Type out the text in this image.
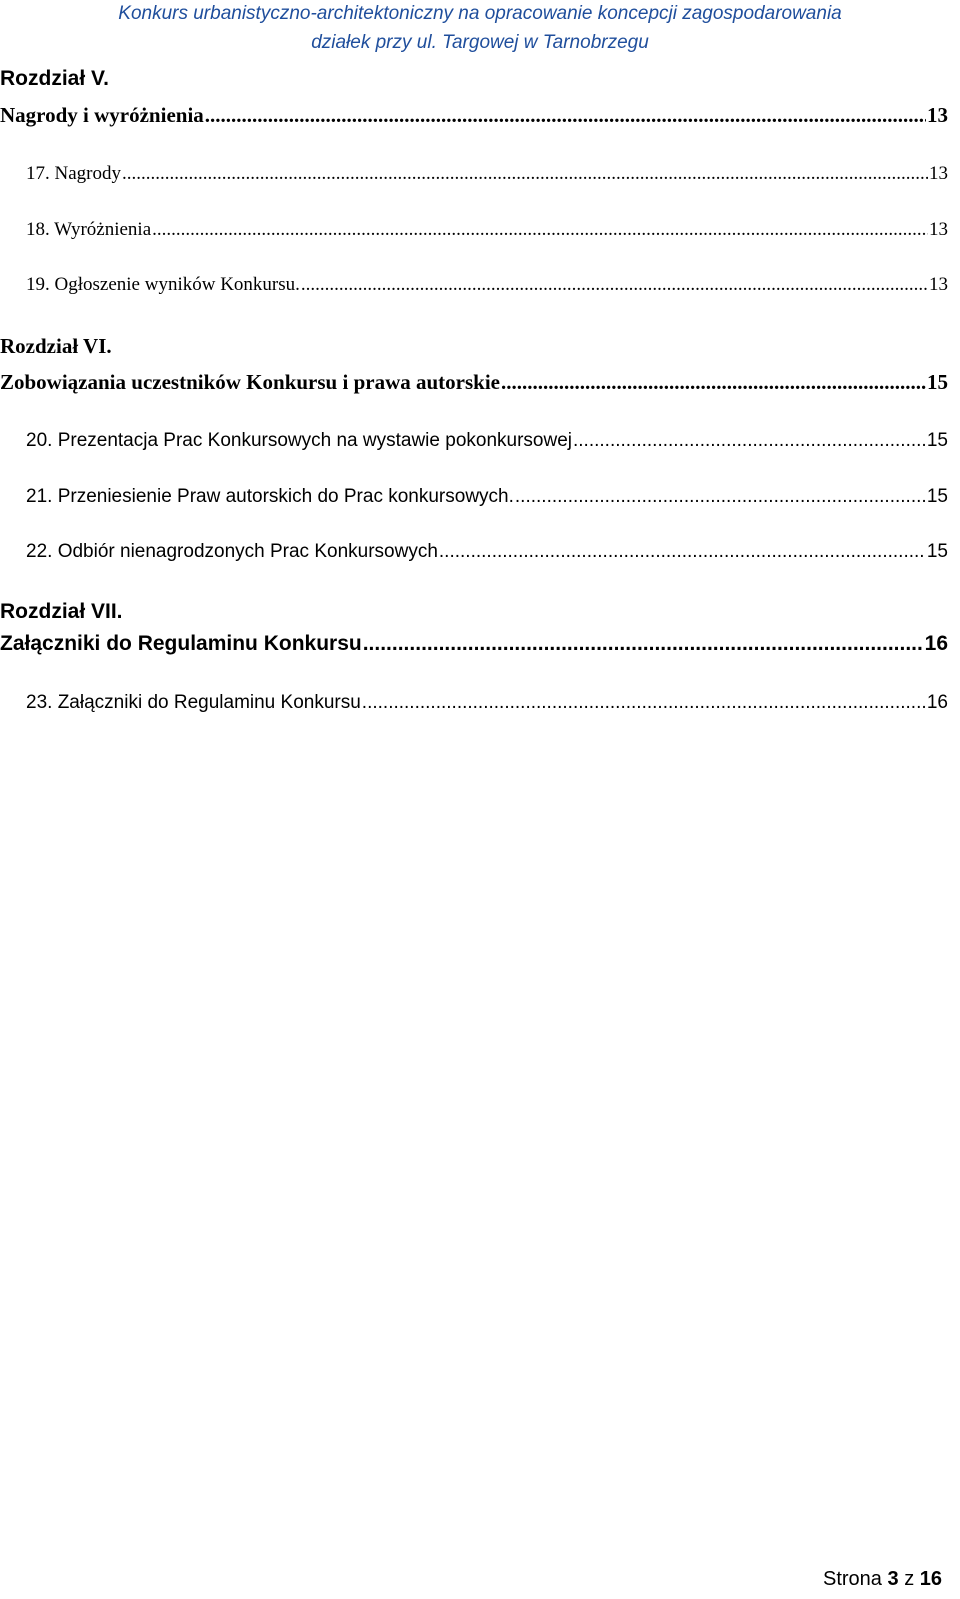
Konkurs urbanistyczno-architektoniczny na opracowanie koncepcji zagospodarowania
działek przy ul. Targowej w Tarnobrzegu
Rozdział V.
Nagrody i wyróżnienia .....	13
17. Nagrody .....	13
18. Wyróżnienia .....	13
19. Ogłoszenie wyników Konkursu. .....	13
Rozdział VI.
Zobowiązania uczestników Konkursu i prawa autorskie .....	15
20. Prezentacja Prac Konkursowych na wystawie pokonkursowej .....	15
21. Przeniesienie Praw autorskich do Prac konkursowych. .....	15
22. Odbiór nienagrodzonych Prac Konkursowych .....	15
Rozdział VII.
Załączniki do Regulaminu Konkursu .....	16
23. Załączniki do Regulaminu Konkursu .....	16
Strona 3 z 16
